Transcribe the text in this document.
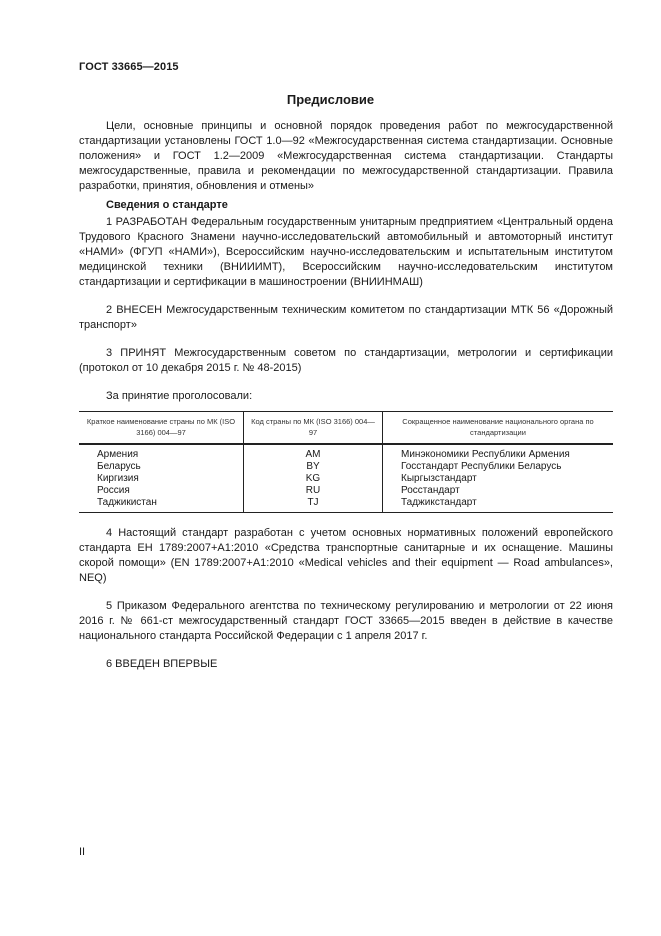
ГОСТ 33665—2015
Предисловие

Цели, основные принципы и основной порядок проведения работ по межгосударственной стандартизации установлены ГОСТ 1.0—92 «Межгосударственная система стандартизации. Основные положения» и ГОСТ 1.2—2009 «Межгосударственная система стандартизации. Стандарты межгосударственные, правила и рекомендации по межгосударственной стандартизации. Правила разработки, принятия, обновления и отмены»

Сведения о стандарте

1 РАЗРАБОТАН Федеральным государственным унитарным предприятием «Центральный ордена Трудового Красного Знамени научно-исследовательский автомобильный и автомоторный институт «НАМИ» (ФГУП «НАМИ»), Всероссийским научно-исследовательским и испытательным институтом медицинской техники (ВНИИИМТ), Всероссийским научно-исследовательским институтом стандартизации и сертификации в машиностроении (ВНИИНМАШ)

2 ВНЕСЕН Межгосударственным техническим комитетом по стандартизации МТК 56 «Дорожный транспорт»

3 ПРИНЯТ Межгосударственным советом по стандартизации, метрологии и сертификации (протокол от 10 декабря 2015 г. № 48-2015)

За принятие проголосовали:
Краткое наименование страны по МК (ISO 3166) 004—97	Код страны по МК (ISO 3166) 004—97	Сокращенное наименование национального органа по стандартизации
Армения	AM	Минэкономики Республики Армения
Беларусь	BY	Госстандарт Республики Беларусь
Киргизия	KG	Кыргызстандарт
Россия	RU	Росстандарт
Таджикистан	TJ	Таджикстандарт

4 Настоящий стандарт разработан с учетом основных нормативных положений европейского стандарта ЕН 1789:2007+А1:2010 «Средства транспортные санитарные и их оснащение. Машины скорой помощи» (EN 1789:2007+A1:2010 «Medical vehicles and their equipment — Road ambulances», NEQ)

5 Приказом Федерального агентства по техническому регулированию и метрологии от 22 июня 2016 г. № 661-ст межгосударственный стандарт ГОСТ 33665—2015 введен в действие в качестве национального стандарта Российской Федерации с 1 апреля 2017 г.

6 ВВЕДЕН ВПЕРВЫЕ

II
